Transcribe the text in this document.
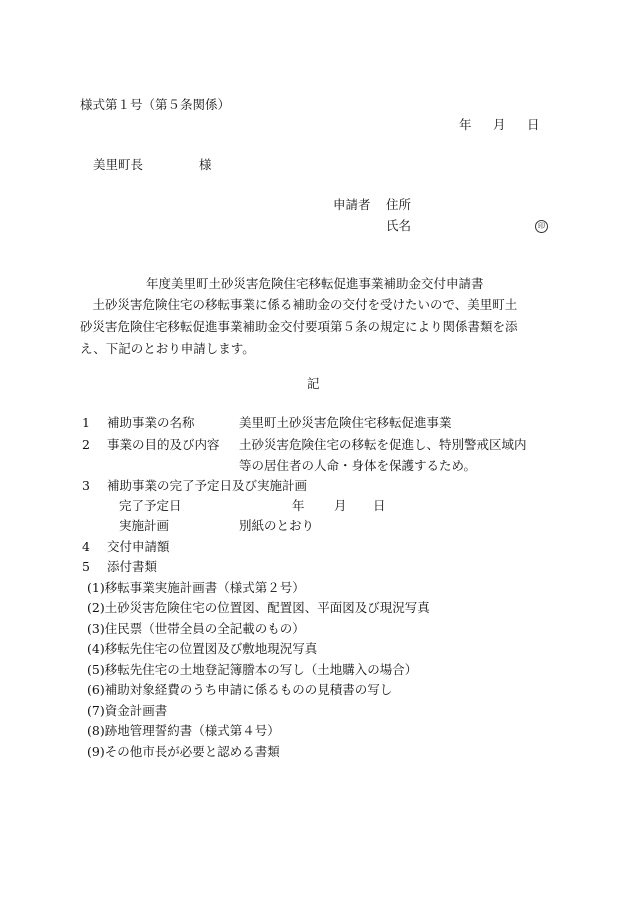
様式第１号（第５条関係）
年 月 日
美里町長	様
申請者 住所
氏名	印
年度美里町土砂災害危険住宅移転促進事業補助金交付申請書
　土砂災害危険住宅の移転事業に係る補助金の交付を受けたいので、美里町土
砂災害危険住宅移転促進事業補助金交付要項第５条の規定により関係書類を添
え、下記のとおり申請します。
記
1 補助事業の名称	美里町土砂災害危険住宅移転促進事業
2 事業の目的及び内容 土砂災害危険住宅の移転を促進し、特別警戒区域内
等の居住者の人命・身体を保護するため。
3 補助事業の完了予定日及び実施計画
完了予定日	年 月 日
実施計画	別紙のとおり
4 交付申請額
5 添付書類
(1)移転事業実施計画書（様式第２号）
(2)土砂災害危険住宅の位置図、配置図、平面図及び現況写真
(3)住民票（世帯全員の全記載のもの）
(4)移転先住宅の位置図及び敷地現況写真
(5)移転先住宅の土地登記簿謄本の写し（土地購入の場合）
(6)補助対象経費のうち申請に係るものの見積書の写し
(7)資金計画書
(8)跡地管理誓約書（様式第４号）
(9)その他市長が必要と認める書類
